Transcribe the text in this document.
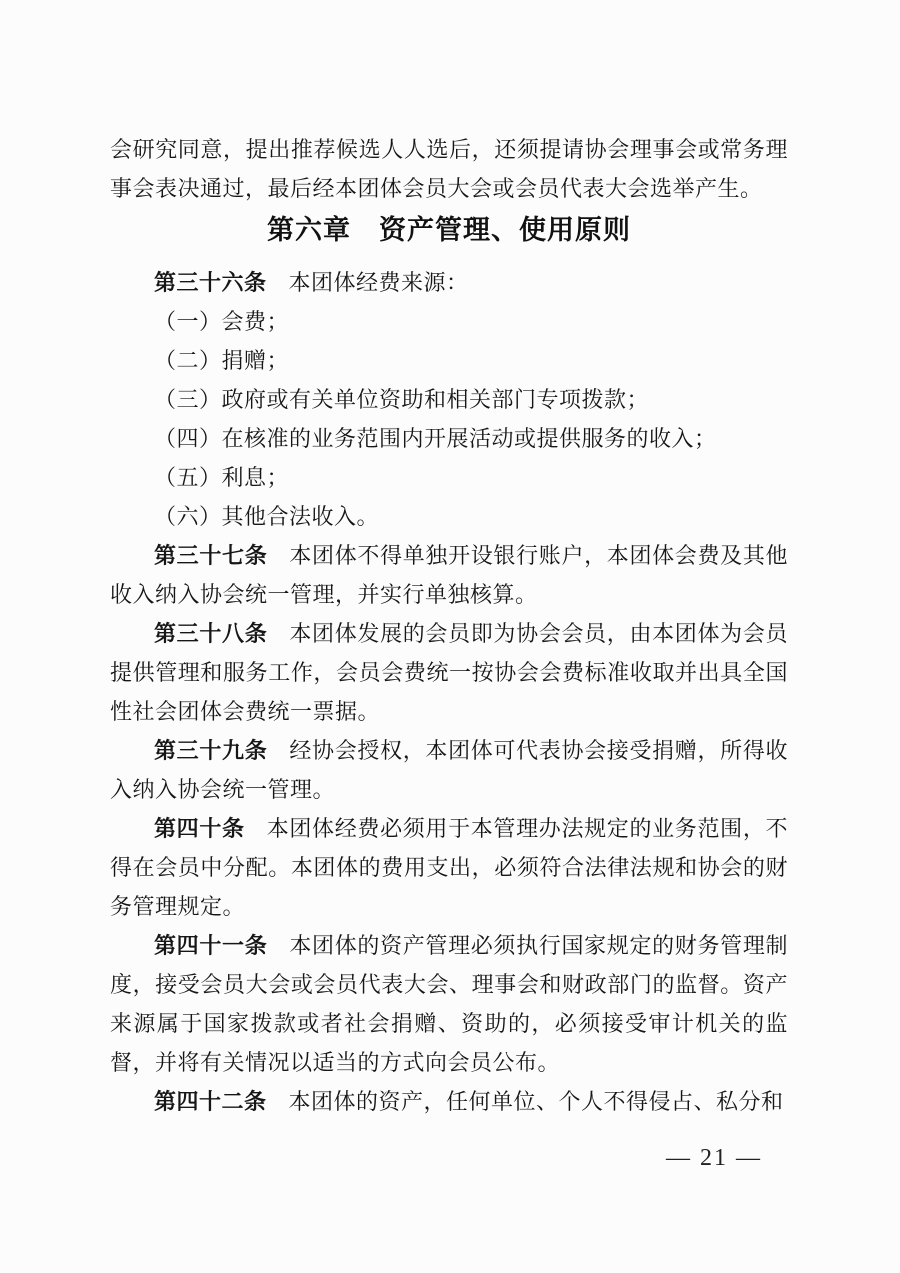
会研究同意，提出推荐候选人人选后，还须提请协会理事会或常务理事会表决通过，最后经本团体会员大会或会员代表大会选举产生。

第六章　资产管理、使用原则

第三十六条 本团体经费来源：

（一）会费；

（二）捐赠；

（三）政府或有关单位资助和相关部门专项拨款；

（四）在核准的业务范围内开展活动或提供服务的收入；

（五）利息；

（六）其他合法收入。

第三十七条 本团体不得单独开设银行账户，本团体会费及其他收入纳入协会统一管理，并实行单独核算。

第三十八条 本团体发展的会员即为协会会员，由本团体为会员提供管理和服务工作，会员会费统一按协会会费标准收取并出具全国性社会团体会费统一票据。

第三十九条 经协会授权，本团体可代表协会接受捐赠，所得收入纳入协会统一管理。

第四十条 本团体经费必须用于本管理办法规定的业务范围，不得在会员中分配。本团体的费用支出，必须符合法律法规和协会的财务管理规定。

第四十一条 本团体的资产管理必须执行国家规定的财务管理制度，接受会员大会或会员代表大会、理事会和财政部门的监督。资产来源属于国家拨款或者社会捐赠、资助的，必须接受审计机关的监督，并将有关情况以适当的方式向会员公布。

第四十二条 本团体的资产，任何单位、个人不得侵占、私分和

— 21 —
